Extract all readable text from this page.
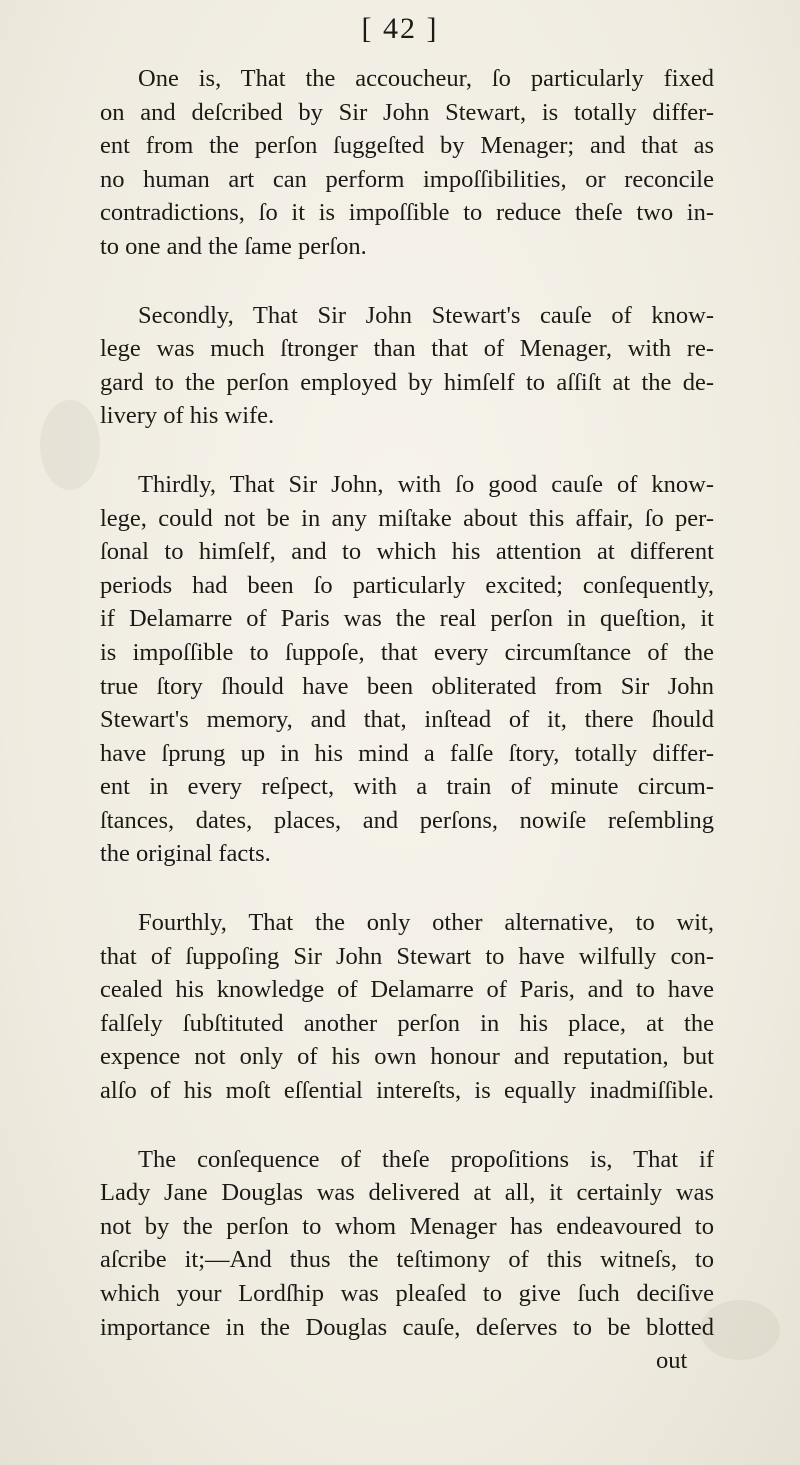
[ 42 ]
One is, That the accoucheur, ſo particularly fixed
on and deſcribed by Sir John Stewart, is totally differ-
ent from the perſon ſuggeſted by Menager; and that as
no human art can perform impoſſibilities, or reconcile
contradictions, ſo it is impoſſible to reduce theſe two in-
to one and the ſame perſon.
Secondly, That Sir John Stewart's cauſe of know-
lege was much ſtronger than that of Menager, with re-
gard to the perſon employed by himſelf to aſſiſt at the de-
livery of his wife.
Thirdly, That Sir John, with ſo good cauſe of know-
lege, could not be in any miſtake about this affair, ſo per-
ſonal to himſelf, and to which his attention at different
periods had been ſo particularly excited; conſequently,
if Delamarre of Paris was the real perſon in queſtion, it
is impoſſible to ſuppoſe, that every circumſtance of the
true ſtory ſhould have been obliterated from Sir John
Stewart's memory, and that, inſtead of it, there ſhould
have ſprung up in his mind a falſe ſtory, totally differ-
ent in every reſpect, with a train of minute circum-
ſtances, dates, places, and perſons, nowiſe reſembling
the original facts.
Fourthly, That the only other alternative, to wit,
that of ſuppoſing Sir John Stewart to have wilfully con-
cealed his knowledge of Delamarre of Paris, and to have
falſely ſubſtituted another perſon in his place, at the
expence not only of his own honour and reputation, but
alſo of his moſt eſſential intereſts, is equally inadmiſſible.
The conſequence of theſe propoſitions is, That if
Lady Jane Douglas was delivered at all, it certainly was
not by the perſon to whom Menager has endeavoured to
aſcribe it;—And thus the teſtimony of this witneſs, to
which your Lordſhip was pleaſed to give ſuch deciſive
importance in the Douglas cauſe, deſerves to be blotted
out
